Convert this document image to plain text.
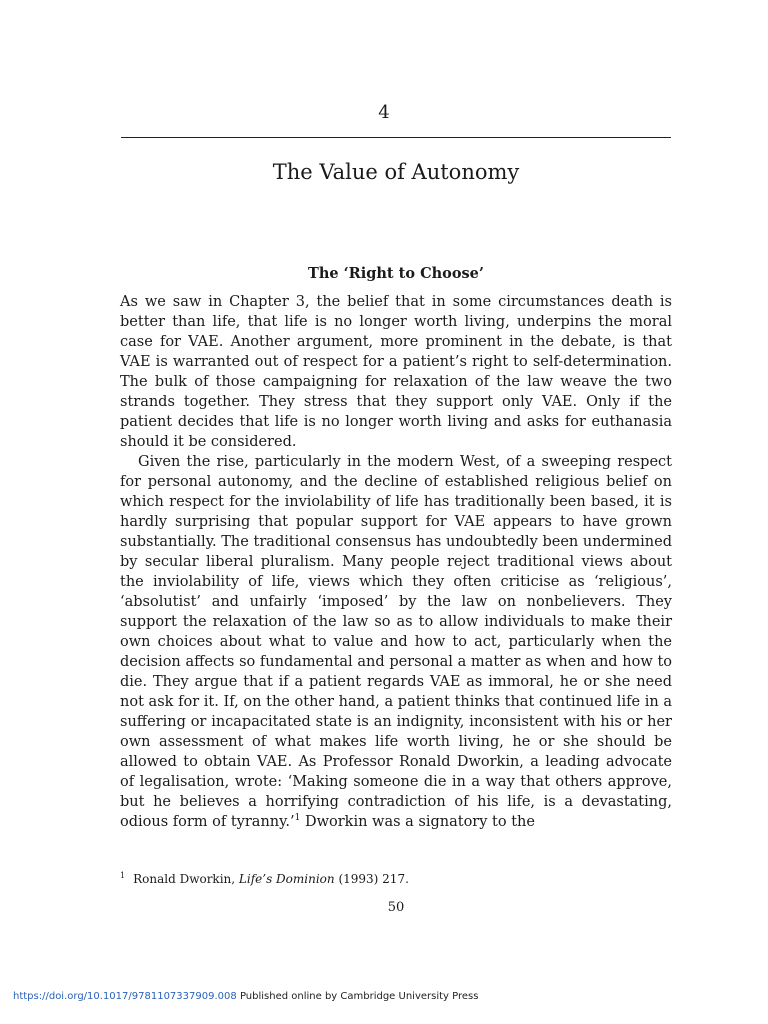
4
The Value of Autonomy
The ‘Right to Choose’

As we saw in Chapter 3, the belief that in some circumstances death is better than life, that life is no longer worth living, underpins the moral case for VAE. Another argument, more prominent in the debate, is that VAE is warranted out of respect for a patient’s right to self-determination. The bulk of those campaigning for relaxation of the law weave the two strands together. They stress that they support only VAE. Only if the patient decides that life is no longer worth living and asks for euthanasia should it be considered.

Given the rise, particularly in the modern West, of a sweeping respect for personal autonomy, and the decline of established religious belief on which respect for the inviolability of life has traditionally been based, it is hardly surprising that popular support for VAE appears to have grown substantially. The traditional consensus has undoubtedly been undermined by secular liberal pluralism. Many people reject traditional views about the inviolability of life, views which they often criticise as ‘religious’, ‘absolutist’ and unfairly ‘imposed’ by the law on nonbelievers. They support the relaxation of the law so as to allow individuals to make their own choices about what to value and how to act, particularly when the decision affects so fundamental and personal a matter as when and how to die. They argue that if a patient regards VAE as immoral, he or she need not ask for it. If, on the other hand, a patient thinks that continued life in a suffering or incapacitated state is an indignity, inconsistent with his or her own assessment of what makes life worth living, he or she should be allowed to obtain VAE. As Professor Ronald Dworkin, a leading advocate of legalisation, wrote: ‘Making someone die in a way that others approve, but he believes a horrifying contradiction of his life, is a devastating, odious form of tyranny.’$^1$ Dworkin was a signatory to the

$^1$ Ronald Dworkin, Life’s Dominion (1993) 217.

50
https://doi.org/10.1017/9781107337909.008 Published online by Cambridge University Press
